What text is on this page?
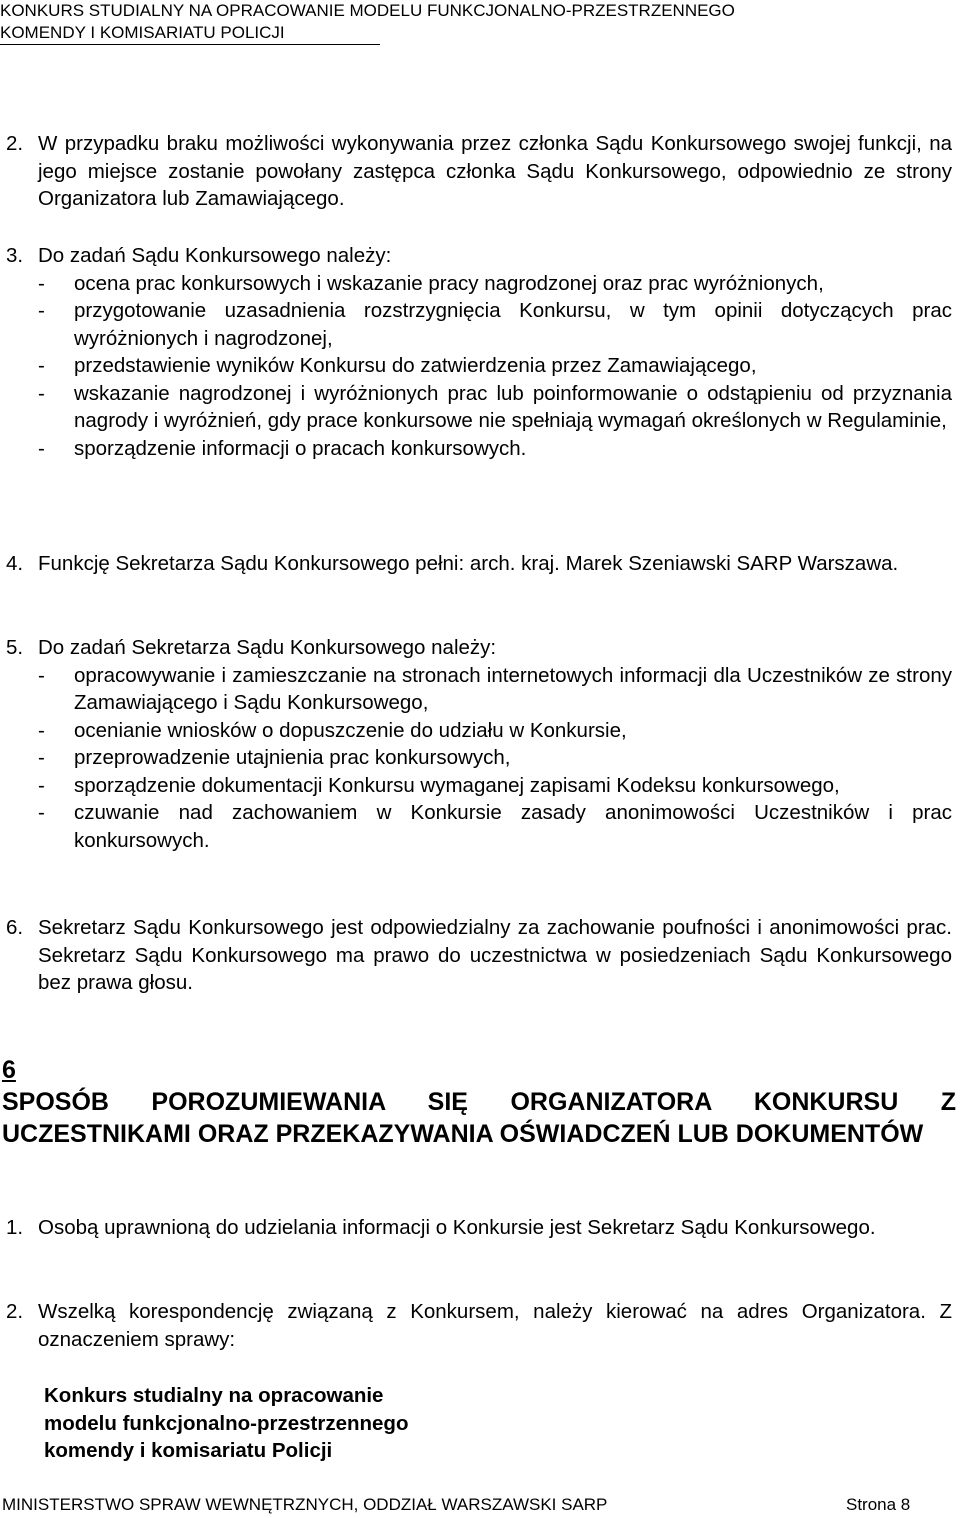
KONKURS STUDIALNY NA OPRACOWANIE MODELU FUNKCJONALNO-PRZESTRZENNEGO
KOMENDY I KOMISARIATU POLICJI
2. W przypadku braku możliwości wykonywania przez członka Sądu Konkursowego swojej funkcji, na jego miejsce zostanie powołany zastępca członka Sądu Konkursowego, odpowiednio ze strony Organizatora lub Zamawiającego.

3. Do zadań Sądu Konkursowego należy:

-	ocena prac konkursowych i wskazanie pracy nagrodzonej oraz prac wyróżnionych,
-	przygotowanie uzasadnienia rozstrzygnięcia Konkursu, w tym opinii dotyczących prac wyróżnionych i nagrodzonej,
-	przedstawienie wyników Konkursu do zatwierdzenia przez Zamawiającego,
-	wskazanie nagrodzonej i wyróżnionych prac lub poinformowanie o odstąpieniu od przyznania nagrody i wyróżnień, gdy prace konkursowe nie spełniają wymagań określonych w Regulaminie,
-	sporządzenie informacji o pracach konkursowych.
4. Funkcję Sekretarza Sądu Konkursowego pełni: arch. kraj. Marek Szeniawski SARP Warszawa.

5. Do zadań Sekretarza Sądu Konkursowego należy:

-	opracowywanie i zamieszczanie na stronach internetowych informacji dla Uczestników ze strony Zamawiającego i Sądu Konkursowego,
-	ocenianie wniosków o dopuszczenie do udziału w Konkursie,
-	przeprowadzenie utajnienia prac konkursowych,
-	sporządzenie dokumentacji Konkursu wymaganej zapisami Kodeksu konkursowego,
-	czuwanie nad zachowaniem w Konkursie zasady anonimowości Uczestników i prac konkursowych.
6. Sekretarz Sądu Konkursowego jest odpowiedzialny za zachowanie poufności i anonimowości prac. Sekretarz Sądu Konkursowego ma prawo do uczestnictwa w posiedzeniach Sądu Konkursowego bez prawa głosu.

6
SPOSÓB POROZUMIEWANIA SIĘ ORGANIZATORA KONKURSU Z UCZESTNIKAMI ORAZ PRZEKAZYWANIA OŚWIADCZEŃ LUB DOKUMENTÓW
1. Osobą uprawnioną do udzielania informacji o Konkursie jest Sekretarz Sądu Konkursowego.

2. Wszelką korespondencję związaną z Konkursem, należy kierować na adres Organizatora. Z oznaczeniem sprawy:

Konkurs studialny na opracowanie
modelu funkcjonalno-przestrzennego
komendy i komisariatu Policji
MINISTERSTWO SPRAW WEWNĘTRZNYCH, ODDZIAŁ WARSZAWSKI SARP	Strona 8
